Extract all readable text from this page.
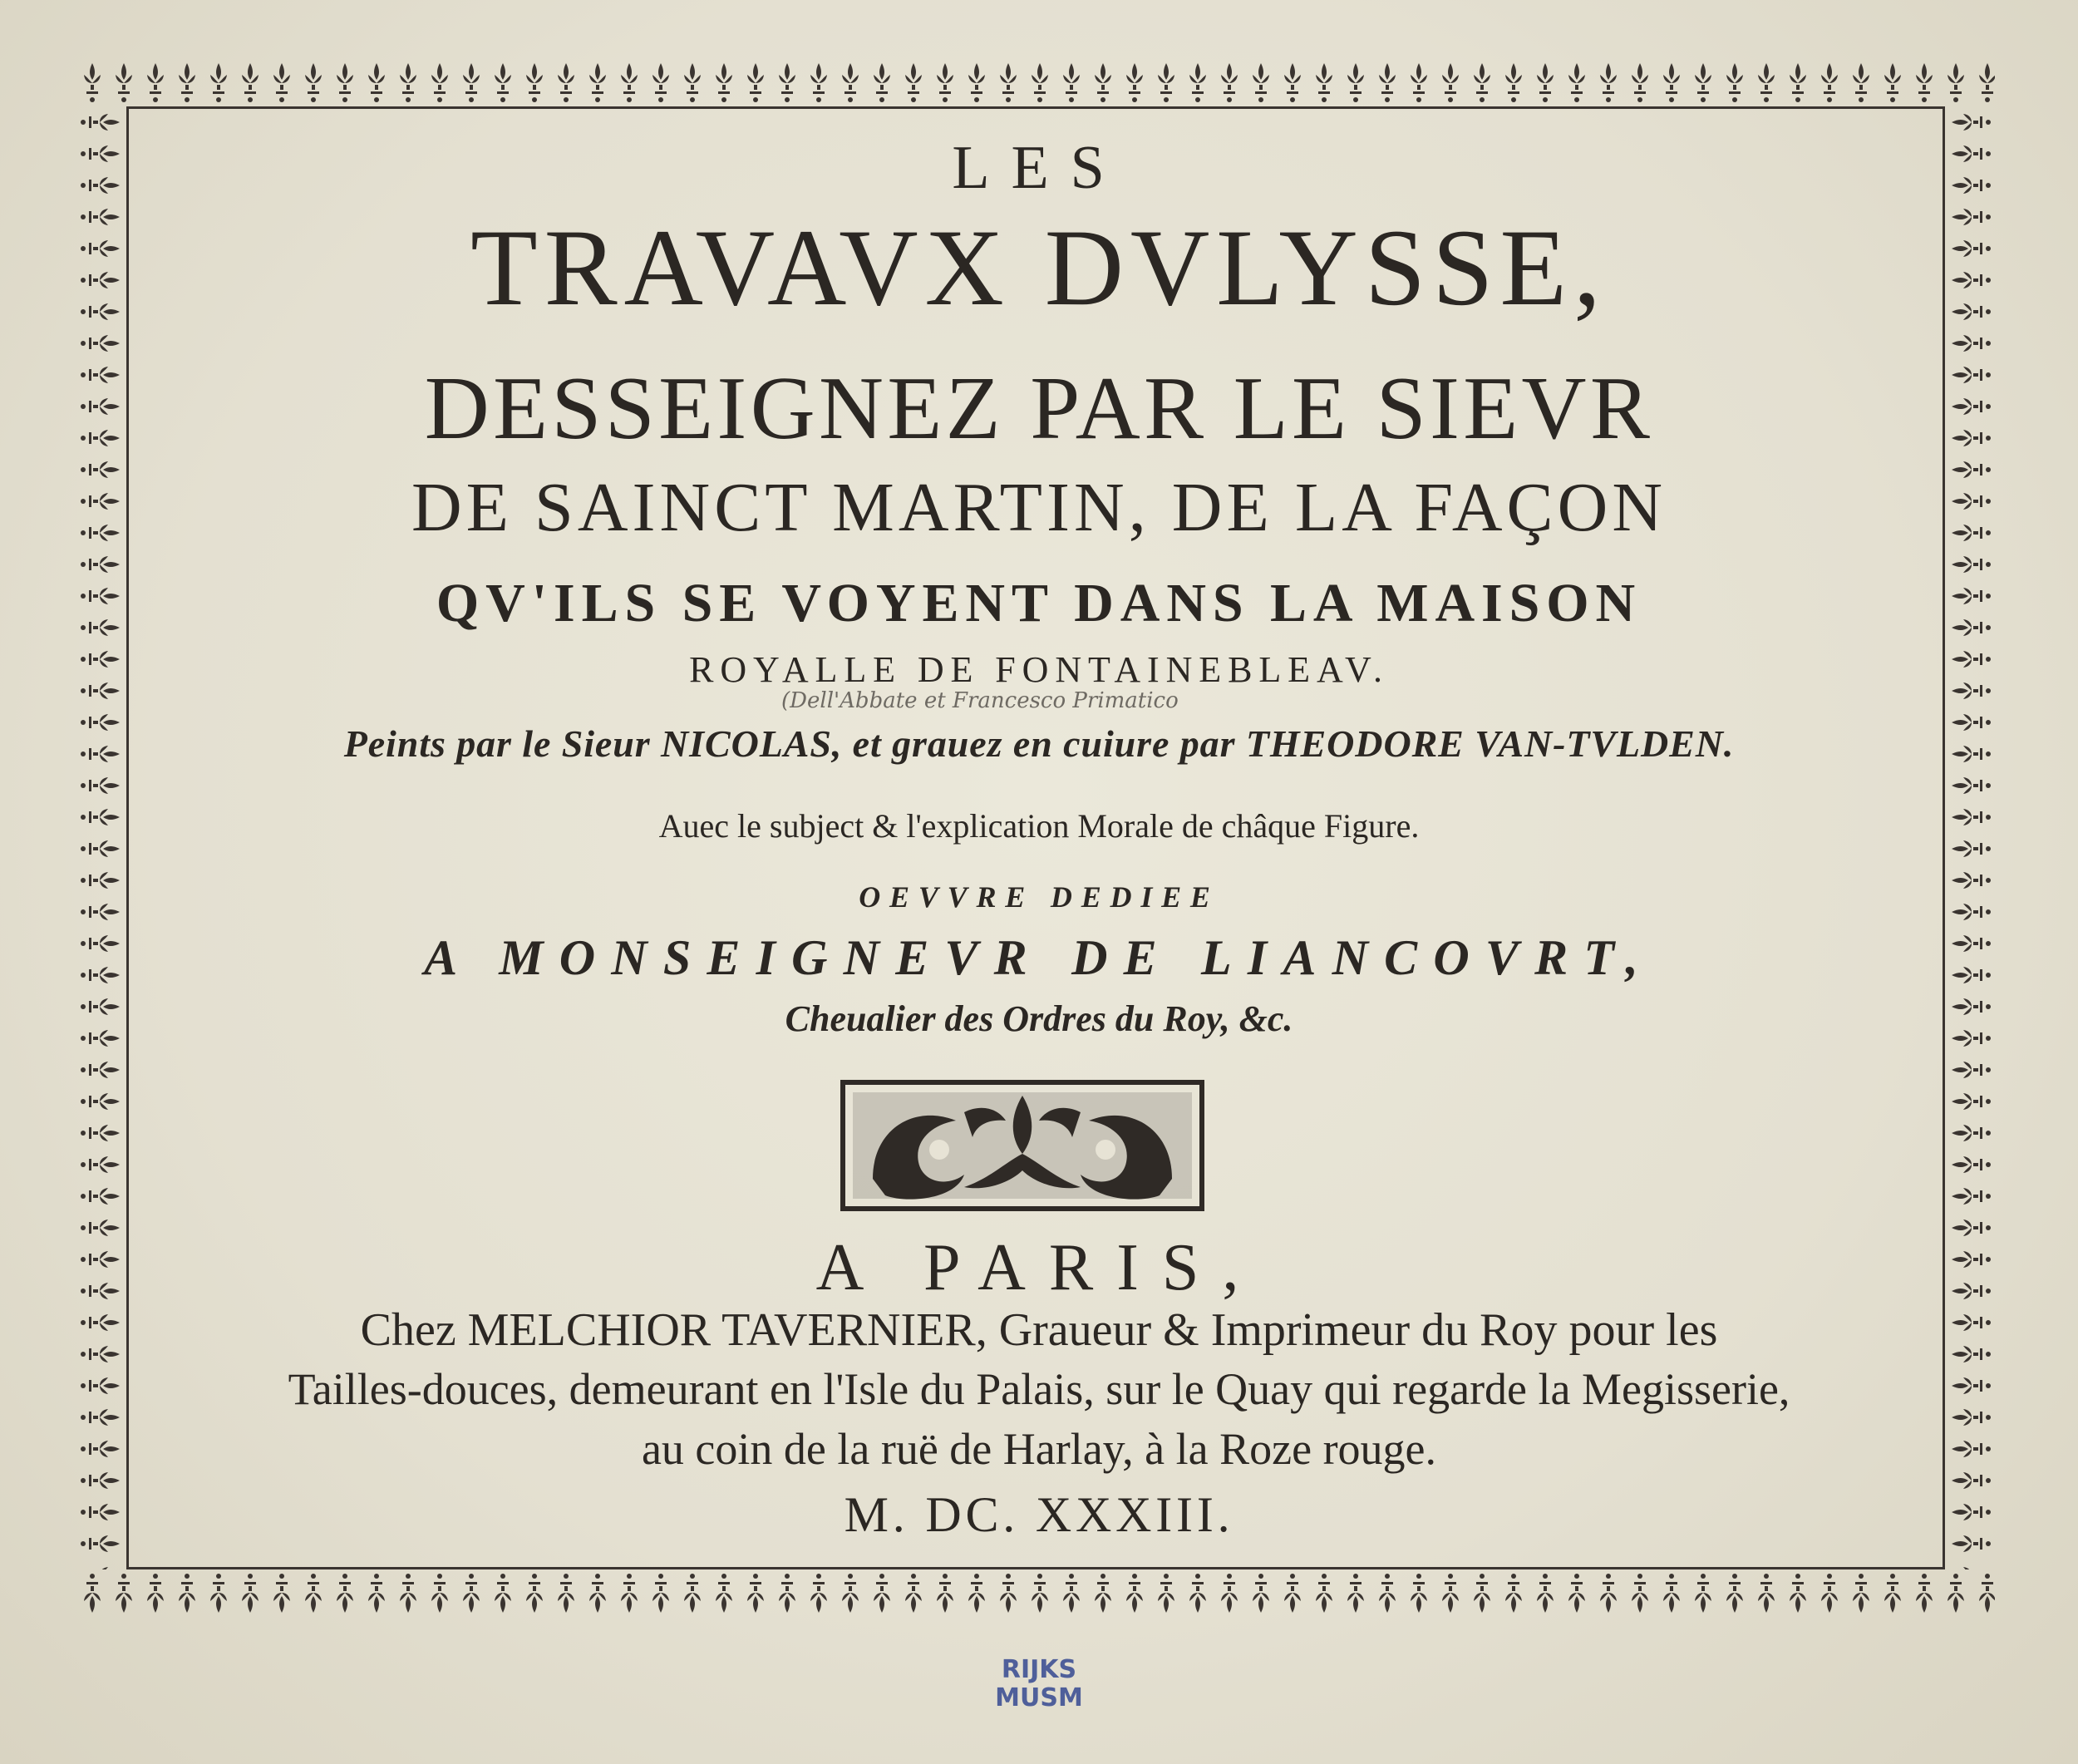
LES
TRAVAVX DVLYSSE,
DESSEIGNEZ PAR LE SIEVR
DE SAINCT MARTIN, DE LA FAÇON
QV'ILS SE VOYENT DANS LA MAISON
ROYALLE DE FONTAINEBLEAV.
Peints par le Sieur NICOLAS, et grauez en cuiure par THEODORE VAN-TVLDEN.
Auec le subject & l'explication Morale de châque Figure.
OEVVRE DEDIEE
A MONSEIGNEVR DE LIANCOVRT,
Cheualier des Ordres du Roy, &c.
A PARIS,
Chez MELCHIOR TAVERNIER, Graueur & Imprimeur du Roy pour les
Tailles-douces, demeurant en l'Isle du Palais, sur le Quay qui regarde la Megisserie,
au coin de la ruë de Harlay, à la Roze rouge.
M. DC. XXXIII.
(Dell'Abbate et Francesco Primatico
RIJKS
MUSM
